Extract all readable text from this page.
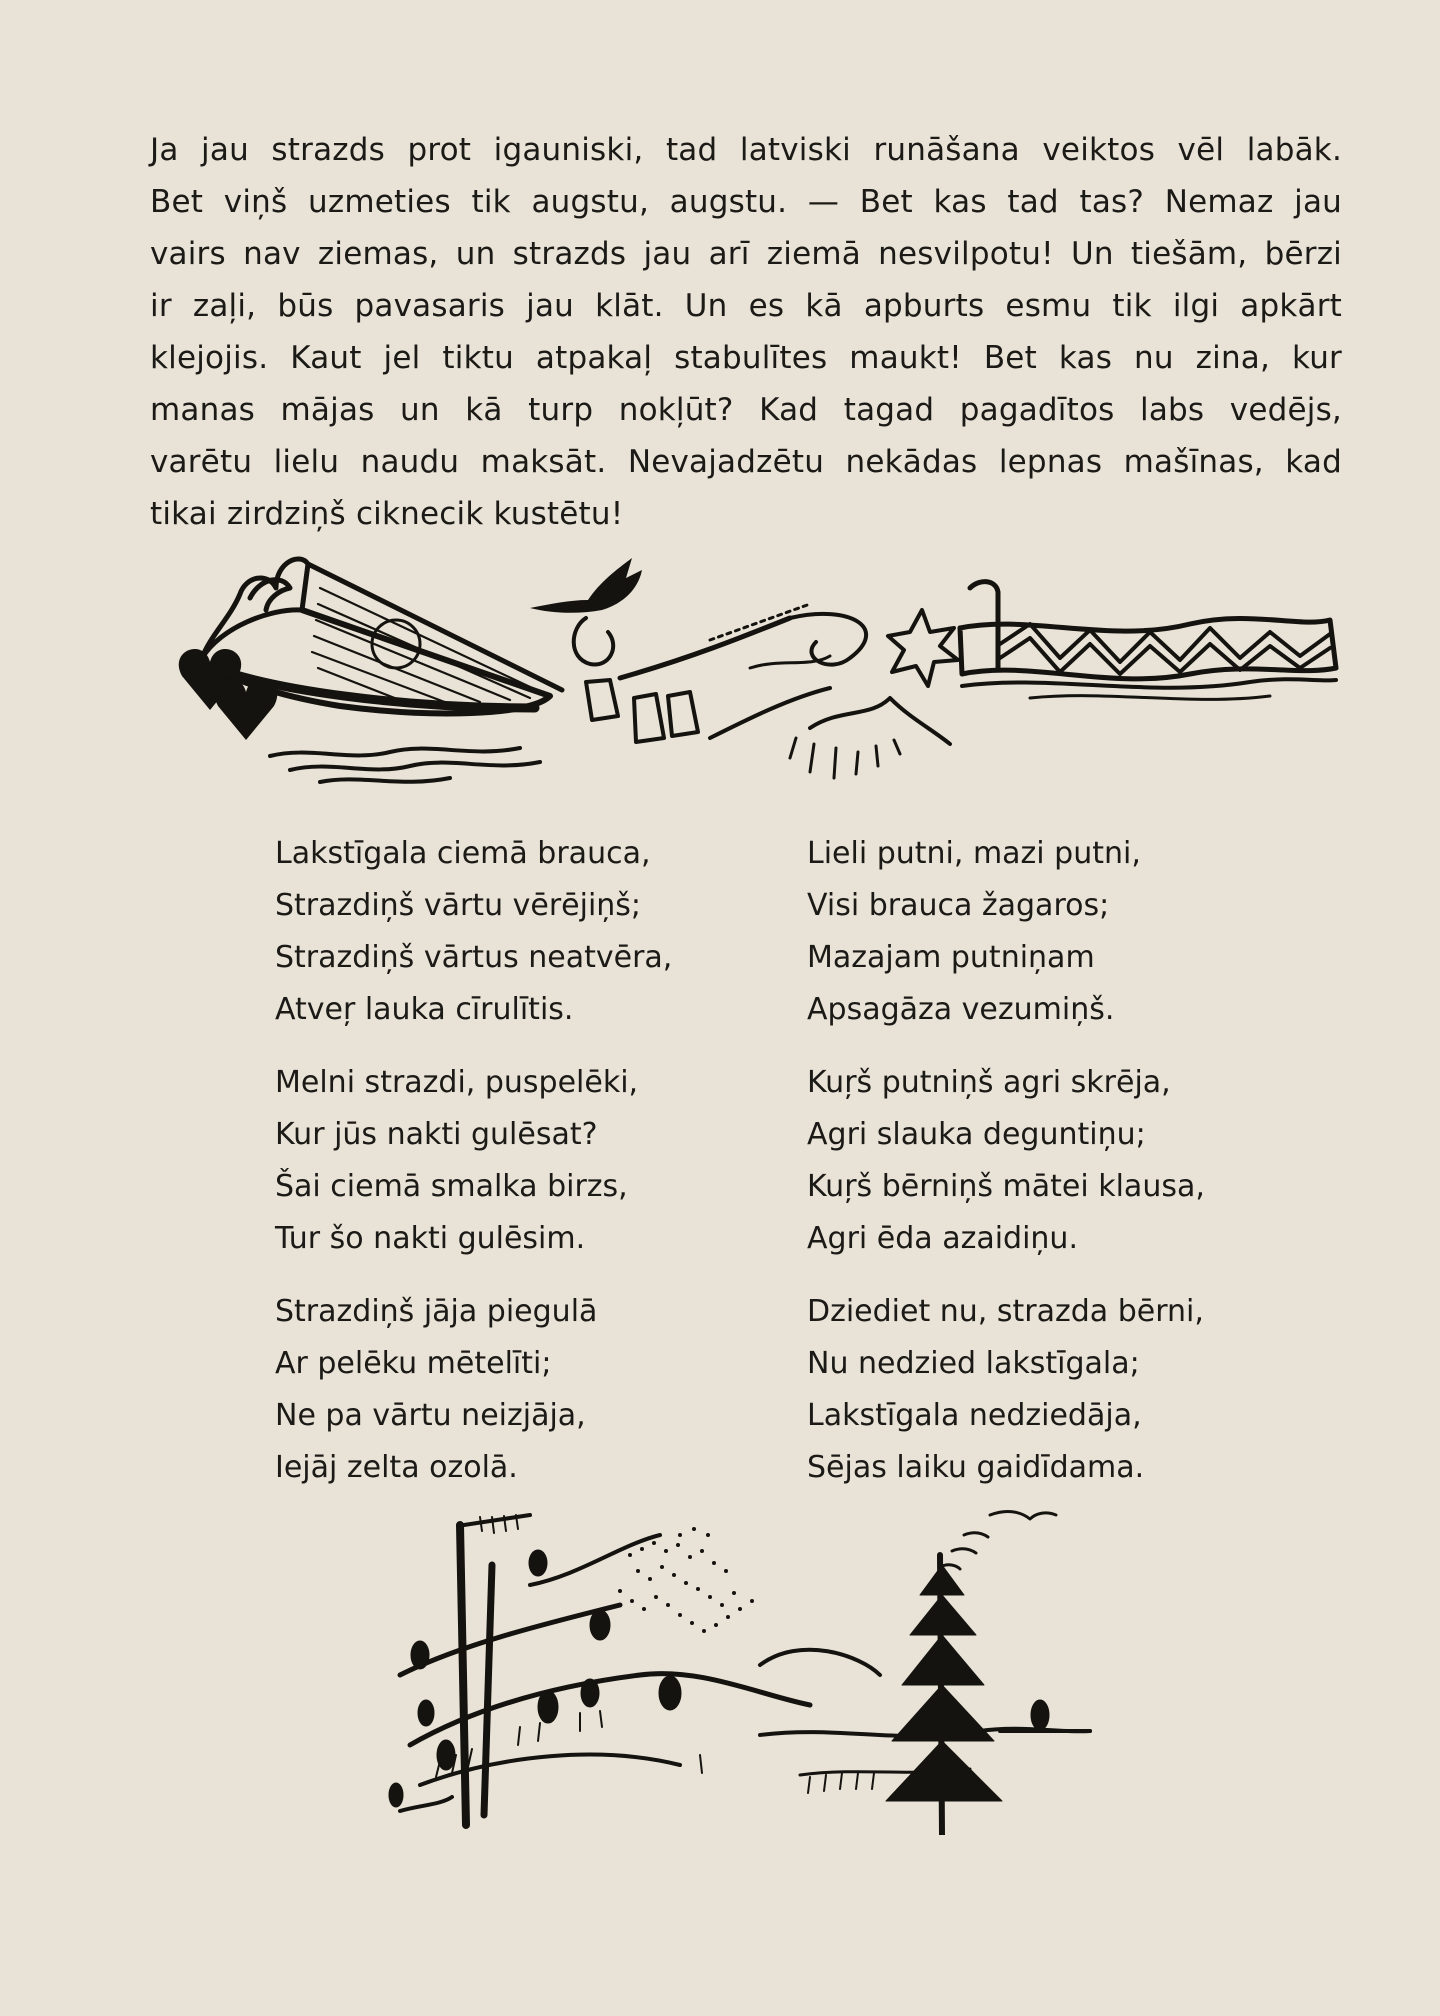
Ja jau strazds prot igauniski, tad latviski runāšana veiktos vēl labāk.
Bet viņš uzmeties tik augstu, augstu. — Bet kas tad tas? Nemaz jau
vairs nav ziemas, un strazds jau arī ziemā nesvilpotu! Un tiešām, bērzi
ir zaļi, būs pavasaris jau klāt. Un es kā apburts esmu tik ilgi apkārt
klejojis. Kaut jel tiktu atpakaļ stabulītes maukt! Bet kas nu zina, kur
manas mājas un kā turp nokļūt? Kad tagad pagadītos labs vedējs,
varētu lielu naudu maksāt. Nevajadzētu nekādas lepnas mašīnas, kad
tikai zirdziņš ciknecik kustētu!
Lakstīgala ciemā brauca,
Strazdiņš vārtu vērējiņš;
Strazdiņš vārtus neatvēra,
Atveŗ lauka cīrulītis.
Melni strazdi, puspelēki,
Kur jūs nakti gulēsat?
Šai ciemā smalka birzs,
Tur šo nakti gulēsim.
Strazdiņš jāja piegulā
Ar pelēku mētelīti;
Ne pa vārtu neizjāja,
Iejāj zelta ozolā.
Lieli putni, mazi putni,
Visi brauca žagaros;
Mazajam putniņam
Apsagāza vezumiņš.
Kuŗš putniņš agri skrēja,
Agri slauka deguntiņu;
Kuŗš bērniņš mātei klausa,
Agri ēda azaidiņu.
Dziediet nu, strazda bērni,
Nu nedzied lakstīgala;
Lakstīgala nedziedāja,
Sējas laiku gaidīdama.
